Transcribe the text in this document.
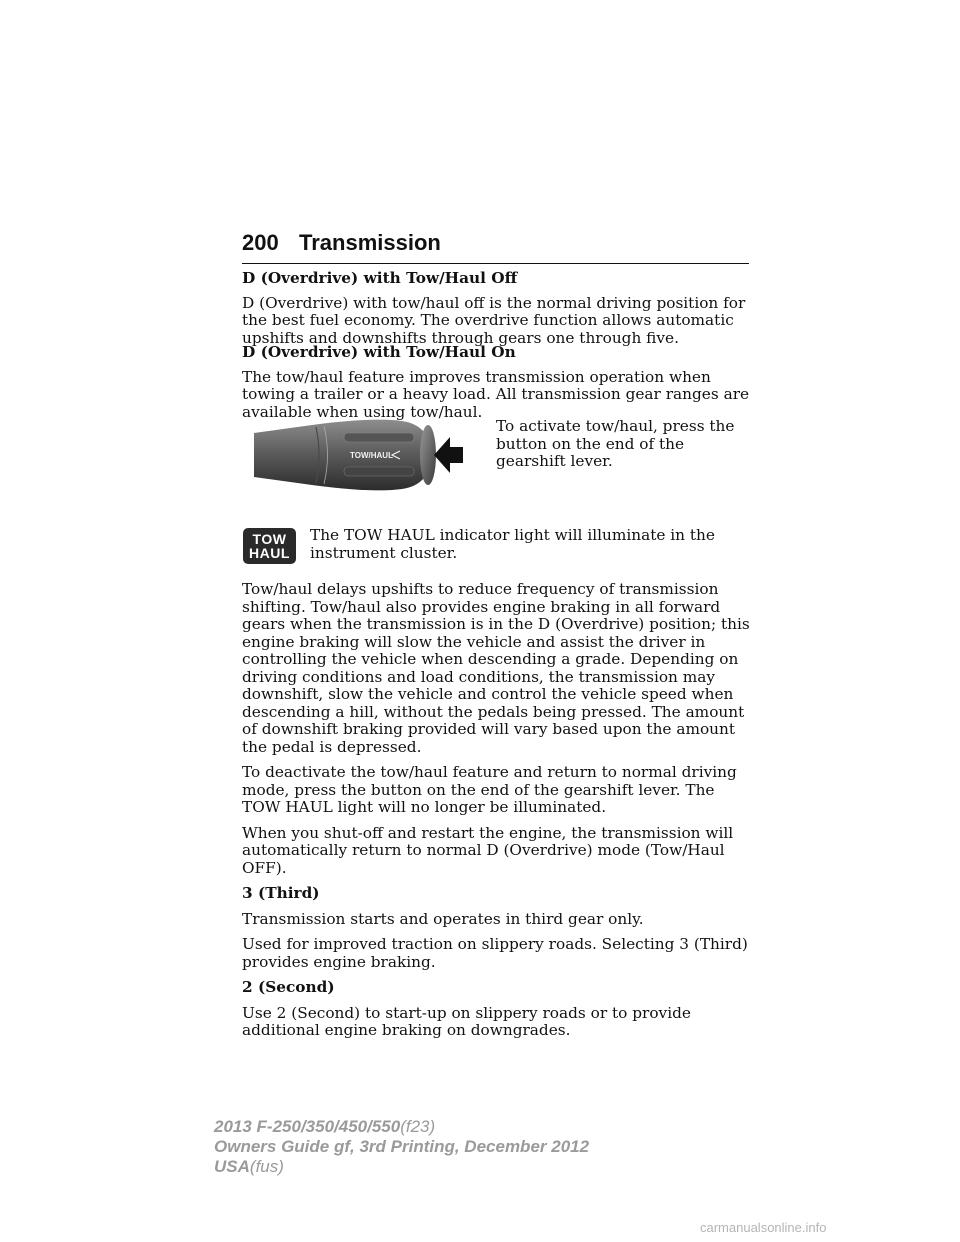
200 Transmission

D (Overdrive) with Tow/Haul Off

D (Overdrive) with tow/haul off is the normal driving position for the best fuel economy. The overdrive function allows automatic upshifts and downshifts through gears one through five.

D (Overdrive) with Tow/Haul On

The tow/haul feature improves transmission operation when towing a trailer or a heavy load. All transmission gear ranges are available when using tow/haul.

TOW/HAUL

To activate tow/haul, press the button on the end of the gearshift lever.

TOW
HAUL

The TOW HAUL indicator light will illuminate in the instrument cluster.

Tow/haul delays upshifts to reduce frequency of transmission shifting. Tow/haul also provides engine braking in all forward gears when the transmission is in the D (Overdrive) position; this engine braking will slow the vehicle and assist the driver in controlling the vehicle when descending a grade. Depending on driving conditions and load conditions, the transmission may downshift, slow the vehicle and control the vehicle speed when descending a hill, without the pedals being pressed. The amount of downshift braking provided will vary based upon the amount the pedal is depressed.

To deactivate the tow/haul feature and return to normal driving mode, press the button on the end of the gearshift lever. The TOW HAUL light will no longer be illuminated.

When you shut-off and restart the engine, the transmission will automatically return to normal D (Overdrive) mode (Tow/Haul OFF).

3 (Third)

Transmission starts and operates in third gear only.

Used for improved traction on slippery roads. Selecting 3 (Third) provides engine braking.

2 (Second)

Use 2 (Second) to start-up on slippery roads or to provide additional engine braking on downgrades.

2013 F-250/350/450/550(f23)
Owners Guide gf, 3rd Printing, December 2012
USA(fus)
carmanualsonline.info
